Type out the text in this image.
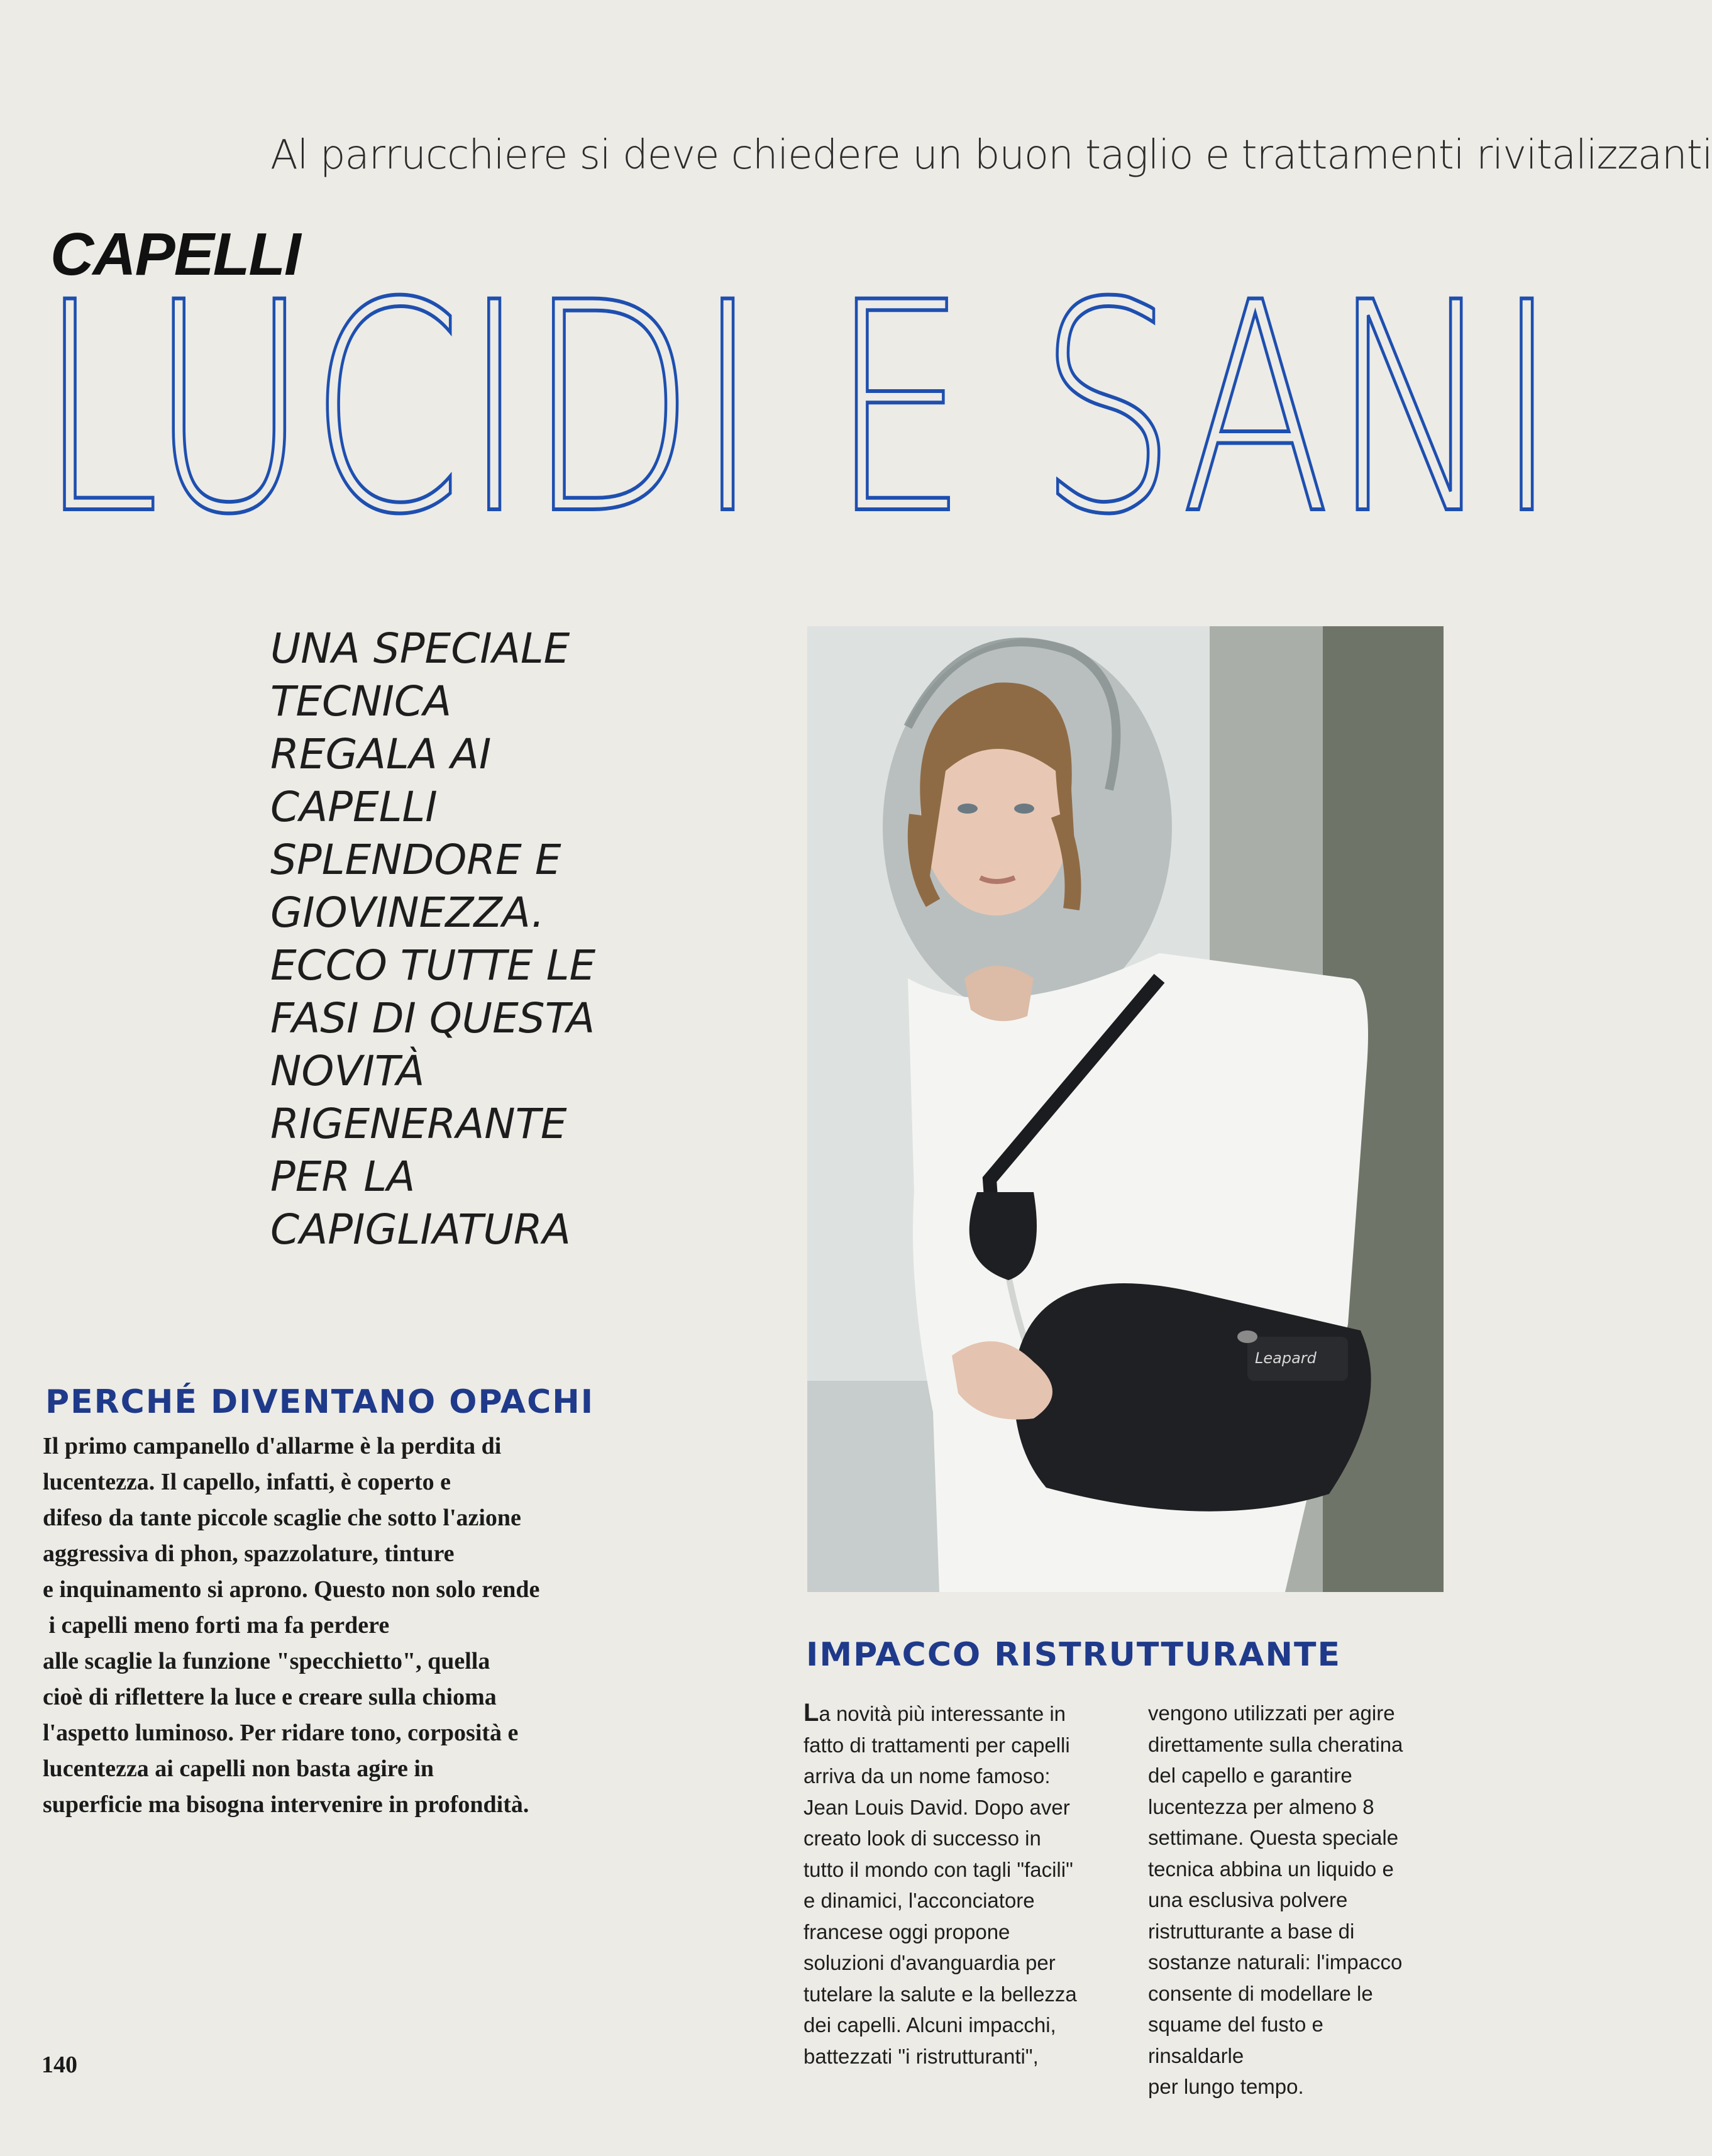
Al parrucchiere si deve chiedere un buon taglio e trattamenti rivitalizzanti
CAPELLI
LUCIDI E SANI
UNA SPECIALE
TECNICA
REGALA AI
CAPELLI
SPLENDORE E
GIOVINEZZA.
ECCO TUTTE LE
FASI DI QUESTA
NOVITÀ
RIGENERANTE
PER LA
CAPIGLIATURA
Leapard
PERCHÉ DIVENTANO OPACHI
Il primo campanello d'allarme è la perdita di
lucentezza. Il capello, infatti, è coperto e
difeso da tante piccole scaglie che sotto l'azione
aggressiva di phon, spazzolature, tinture
e inquinamento si aprono. Questo non solo rende
i capelli meno forti ma fa perdere
alle scaglie la funzione "specchietto", quella
cioè di riflettere la luce e creare sulla chioma
l'aspetto luminoso. Per ridare tono, corposità e
lucentezza ai capelli non basta agire in
superficie ma bisogna intervenire in profondità.
IMPACCO RISTRUTTURANTE
La novità più interessante in
fatto di trattamenti per capelli
arriva da un nome famoso:
Jean Louis David. Dopo aver
creato look di successo in
tutto il mondo con tagli "facili"
e dinamici, l'acconciatore
francese oggi propone
soluzioni d'avanguardia per
tutelare la salute e la bellezza
dei capelli. Alcuni impacchi,
battezzati "i ristrutturanti",
vengono utilizzati per agire
direttamente sulla cheratina
del capello e garantire
lucentezza per almeno 8
settimane. Questa speciale
tecnica abbina un liquido e
una esclusiva polvere
ristrutturante a base di
sostanze naturali: l'impacco
consente di modellare le
squame del fusto e rinsaldarle
per lungo tempo.
140
